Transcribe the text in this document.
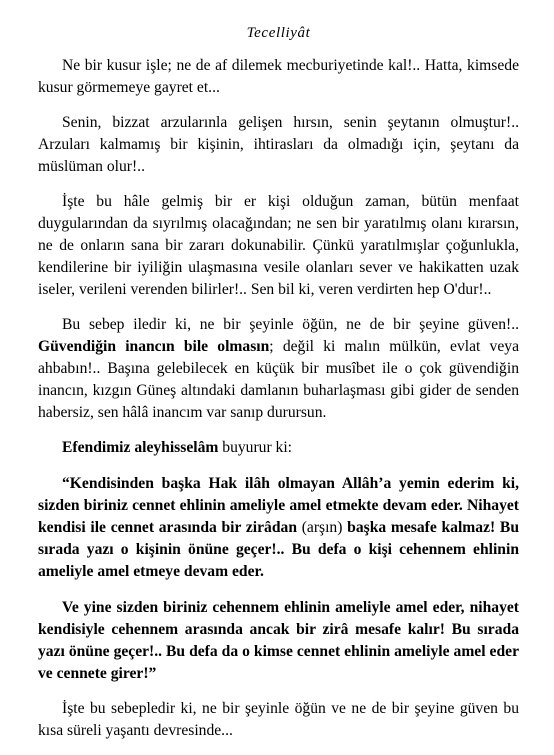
Tecelliyât

Ne bir kusur işle; ne de af dilemek mecburiyetinde kal!.. Hatta, kimsede kusur görmemeye gayret et...

Senin, bizzat arzularınla gelişen hırsın, senin şeytanın olmuştur!.. Arzuları kalmamış bir kişinin, ihtirasları da olmadığı için, şeytanı da müslüman olur!..

İşte bu hâle gelmiş bir er kişi olduğun zaman, bütün menfaat duygularından da sıyrılmış olacağından; ne sen bir yaratılmış olanı kırarsın, ne de onların sana bir zararı dokunabilir. Çünkü yaratılmışlar çoğunlukla, kendilerine bir iyiliğin ulaşmasına vesile olanları sever ve hakikatten uzak iseler, verileni verenden bilirler!.. Sen bil ki, veren verdirten hep O'dur!..

Bu sebep iledir ki, ne bir şeyinle öğün, ne de bir şeyine güven!.. Güvendiğin inancın bile olmasın; değil ki malın mülkün, evlat veya ahbabın!.. Başına gelebilecek en küçük bir musîbet ile o çok güvendiğin inancın, kızgın Güneş altındaki damlanın buharlaşması gibi gider de senden habersiz, sen hâlâ inancım var sanıp durursun.

Efendimiz aleyhisselâm buyurur ki:

“Kendisinden başka Hak ilâh olmayan Allâh’a yemin ederim ki, sizden biriniz cennet ehlinin ameliyle amel etmekte devam eder. Nihayet kendisi ile cennet arasında bir zirâdan (arşın) başka mesafe kalmaz! Bu sırada yazı o kişinin önüne geçer!.. Bu defa o kişi cehennem ehlinin ameliyle amel etmeye devam eder.

Ve yine sizden biriniz cehennem ehlinin ameliyle amel eder, nihayet kendisiyle cehennem arasında ancak bir zirâ mesafe kalır! Bu sırada yazı önüne geçer!.. Bu defa da o kimse cennet ehlinin ameliyle amel eder ve cennete girer!”

İşte bu sebepledir ki, ne bir şeyinle öğün ve ne de bir şeyine güven bu kısa süreli yaşantı devresinde...
